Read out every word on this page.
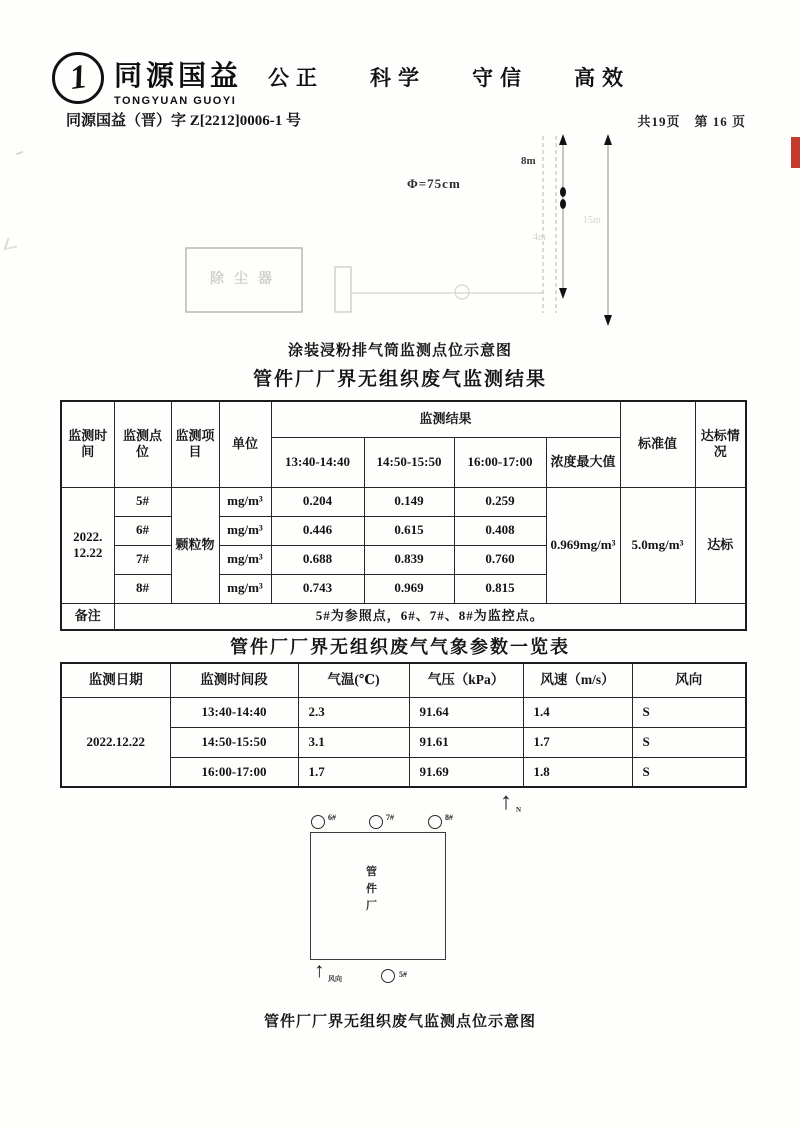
1 同源国益
TONGYUAN GUOYI
公正 科学 守信 高效
同源国益（晋）字 Z[2212]0006-1 号	共19页　第 16 页
Φ=75cm
8m
4m
15m
除尘器
涂装浸粉排气筒监测点位示意图
管件厂厂界无组织废气监测结果
监测时间	监测点位	监测项目	单位	监测结果				标准值	达标情况
				13:40-14:40	14:50-15:50	16:00-17:00	浓度最大值		

2022.
12.22	5#	颗粒物	mg/m³	0.204	0.149	0.259	0.969mg/m³	5.0mg/m³	达标
	6#		mg/m³	0.446	0.615	0.408			
	7#		mg/m³	0.688	0.839	0.760			
	8#		mg/m³	0.743	0.969	0.815			
备注	5#为参照点，6#、7#、8#为监控点。								
管件厂厂界无组织废气气象参数一览表
监测日期	监测时间段	气温(℃)	气压（kPa）	风速（m/s）	风向
2022.12.22	13:40-14:40	2.3	91.64	1.4	S
	14:50-15:50	3.1	91.61	1.7	S
	16:00-17:00	1.7	91.69	1.8	S
↑ N
6#	7#	8#
管件厂
↑ 风向	5#
管件厂厂界无组织废气监测点位示意图
